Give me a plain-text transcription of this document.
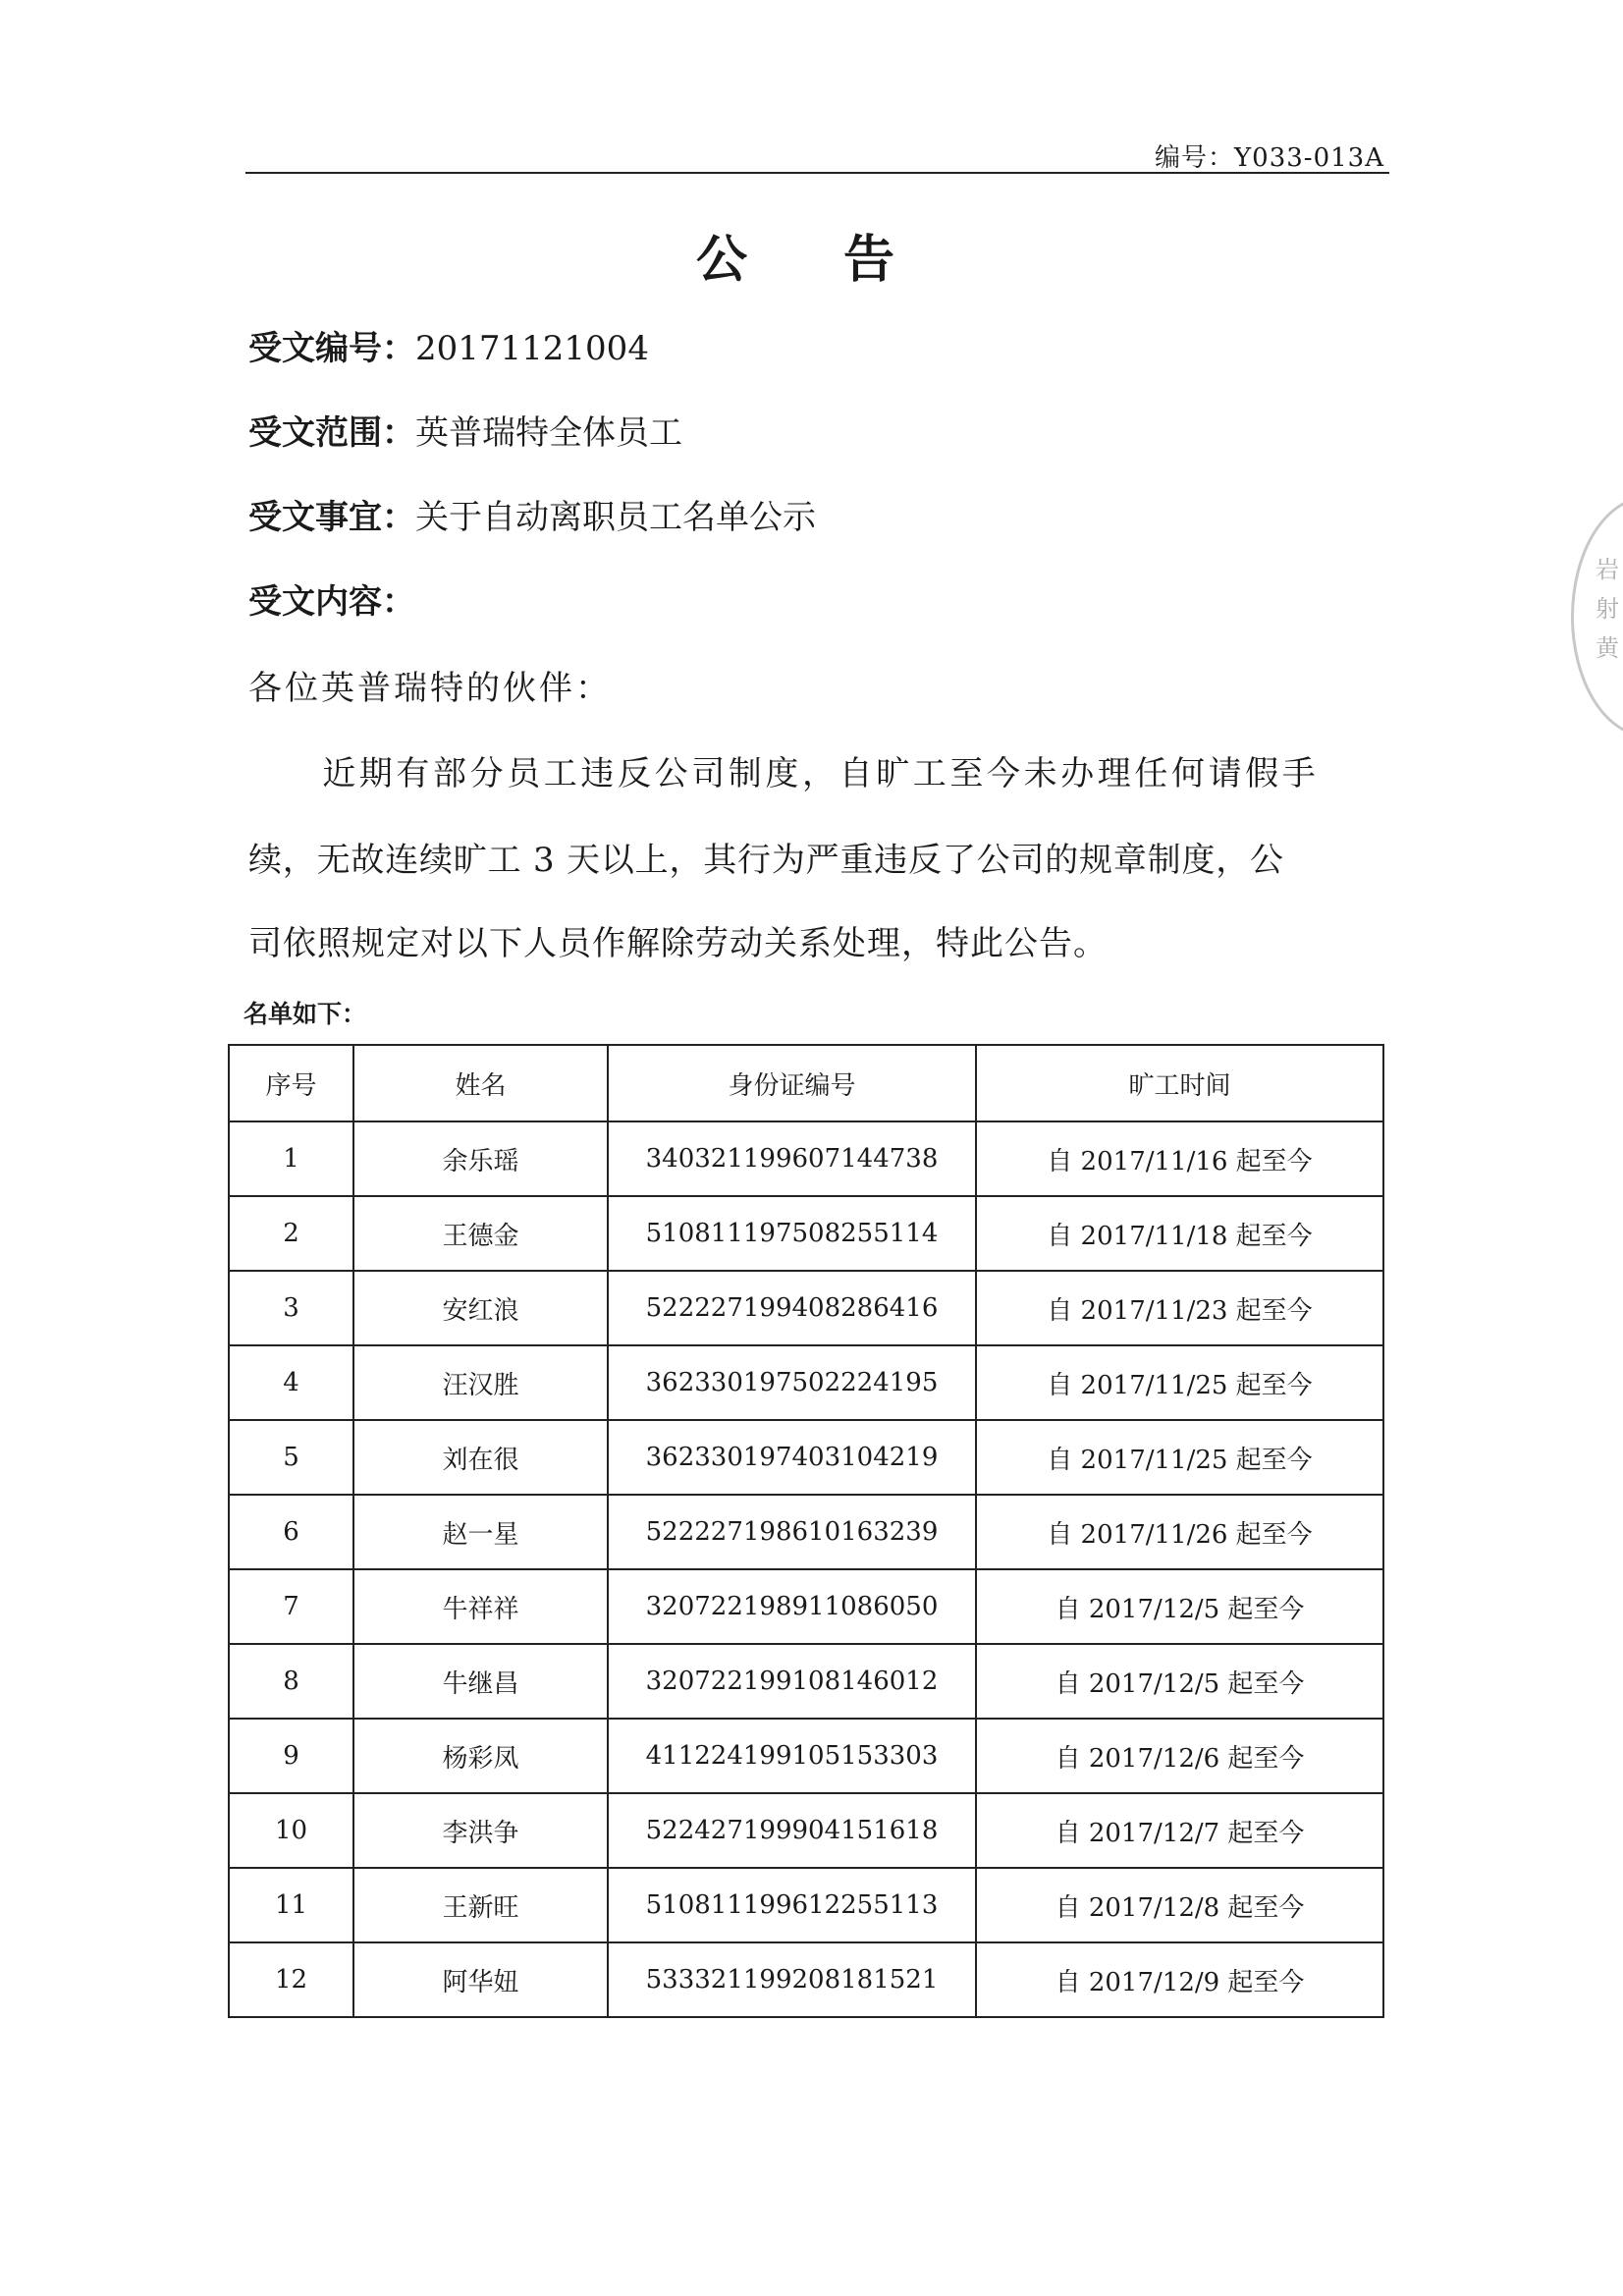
编号：Y033-013A
公 告
受文编号：20171121004
受文范围：英普瑞特全体员工
受文事宜：关于自动离职员工名单公示
受文内容：
各位英普瑞特的伙伴：
　　近期有部分员工违反公司制度，自旷工至今未办理任何请假手
续，无故连续旷工 3 天以上，其行为严重违反了公司的规章制度，公
司依照规定对以下人员作解除劳动关系处理，特此公告。
名单如下：
序号	姓名	身份证编号	旷工时间
1	余乐瑶	340321199607144738	自 2017/11/16 起至今
2	王德金	510811197508255114	自 2017/11/18 起至今
3	安红浪	522227199408286416	自 2017/11/23 起至今
4	汪汉胜	362330197502224195	自 2017/11/25 起至今
5	刘在很	362330197403104219	自 2017/11/25 起至今
6	赵一星	522227198610163239	自 2017/11/26 起至今
7	牛祥祥	320722198911086050	自 2017/12/5 起至今
8	牛继昌	320722199108146012	自 2017/12/5 起至今
9	杨彩凤	411224199105153303	自 2017/12/6 起至今
10	李洪争	522427199904151618	自 2017/12/7 起至今
11	王新旺	510811199612255113	自 2017/12/8 起至今
12	阿华妞	533321199208181521	自 2017/12/9 起至今
岩 射 黄
